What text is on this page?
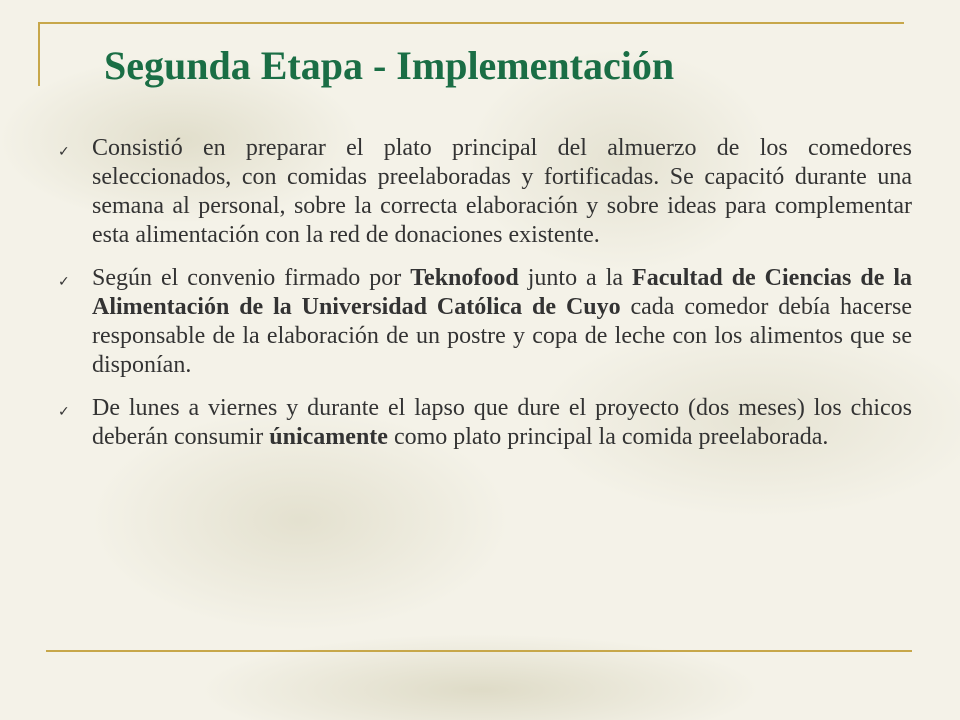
Segunda Etapa - Implementación

✓ Consistió en preparar el plato principal del almuerzo de los comedores seleccionados, con comidas preelaboradas y fortificadas. Se capacitó durante una semana al personal, sobre la correcta elaboración y sobre ideas para complementar esta alimentación con la red de donaciones existente.

✓ Según el convenio firmado por Teknofood junto a la Facultad de Ciencias de la Alimentación de la Universidad Católica de Cuyo cada comedor debía hacerse responsable de la elaboración de un postre y copa de leche con los alimentos que se disponían.

✓ De lunes a viernes y durante el lapso que dure el proyecto (dos meses) los chicos deberán consumir únicamente como plato principal la comida preelaborada.
